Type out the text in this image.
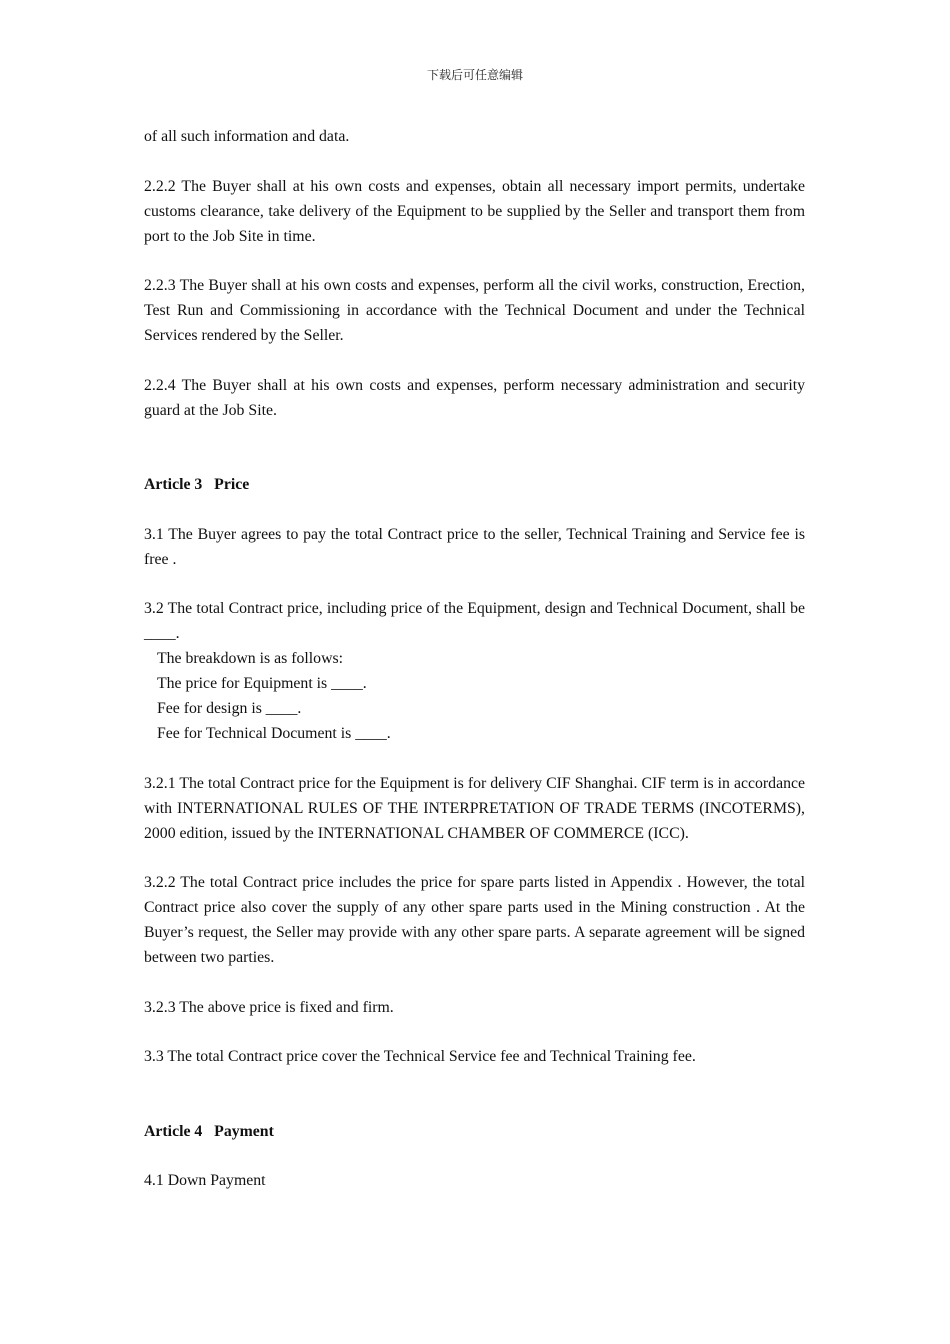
下载后可任意编辑

of all such information and data.

2.2.2 The Buyer shall at his own costs and expenses, obtain all necessary import permits, undertake customs clearance, take delivery of the Equipment to be supplied by the Seller and transport them from port to the Job Site in time.

2.2.3 The Buyer shall at his own costs and expenses, perform all the civil works, construction, Erection, Test Run and Commissioning in accordance with the Technical Document and under the Technical Services rendered by the Seller.

2.2.4 The Buyer shall at his own costs and expenses, perform necessary administration and security guard at the Job Site.

Article 3   Price

3.1 The Buyer agrees to pay the total Contract price to the seller, Technical Training and Service fee is free .

3.2 The total Contract price, including price of the Equipment, design and Technical Document, shall be ____.

The breakdown is as follows:

The price for Equipment is ____.

Fee for design is ____.

Fee for Technical Document is ____.

3.2.1 The total Contract price for the Equipment is for delivery CIF Shanghai. CIF term is in accordance with INTERNATIONAL RULES OF THE INTERPRETATION OF TRADE TERMS (INCOTERMS), 2000 edition, issued by the INTERNATIONAL CHAMBER OF COMMERCE (ICC).

3.2.2 The total Contract price includes the price for spare parts listed in Appendix . However, the total Contract price also cover the supply of any other spare parts used in the Mining construction . At the Buyer’s request, the Seller may provide with any other spare parts. A separate agreement will be signed between two parties.

3.2.3 The above price is fixed and firm.

3.3 The total Contract price cover the Technical Service fee and Technical Training fee.

Article 4   Payment

4.1 Down Payment
